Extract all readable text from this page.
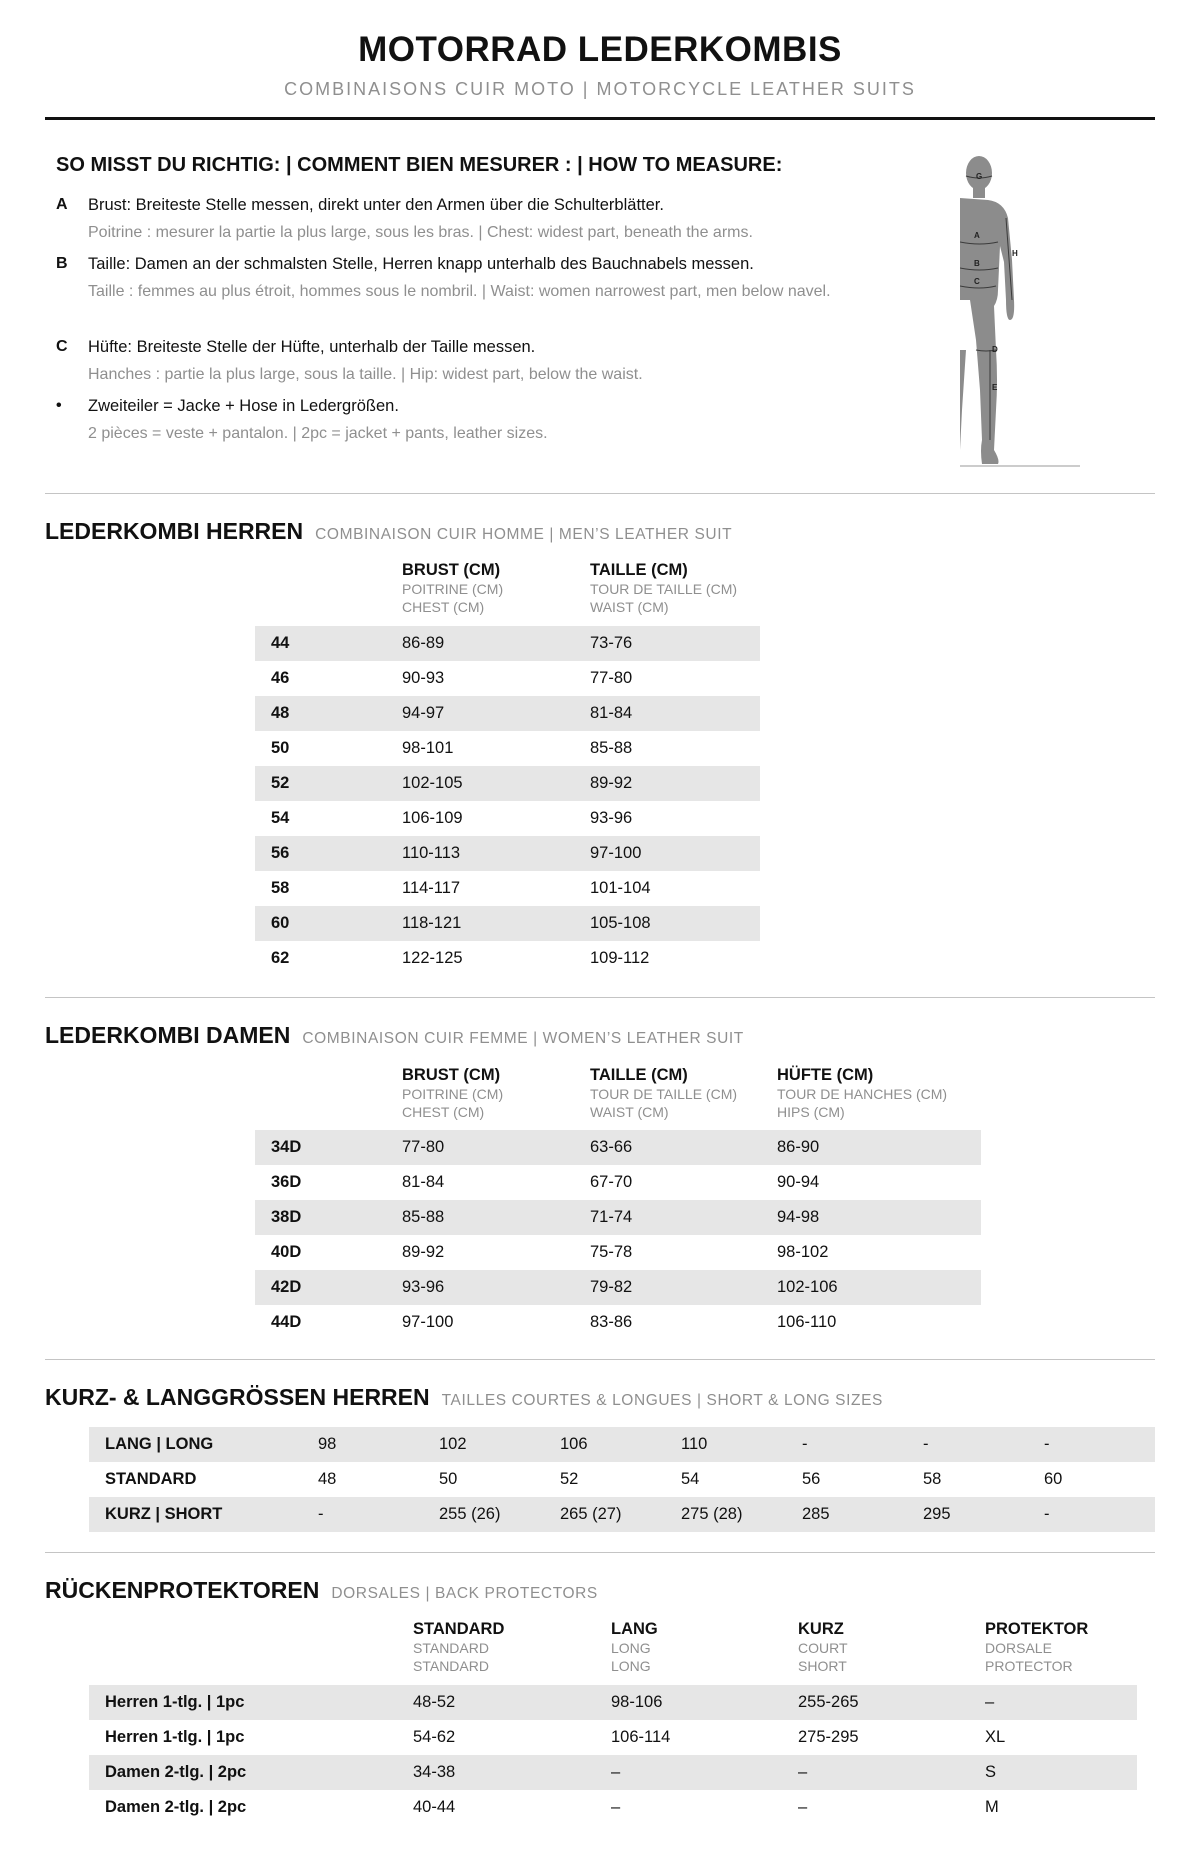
MOTORRAD LEDERKOMBIS
COMBINAISONS CUIR MOTO | MOTORCYCLE LEATHER SUITS
SO MISST DU RICHTIG: | COMMENT BIEN MESURER : | HOW TO MEASURE:
A Brust: Breiteste Stelle messen, direkt unter den Armen über die Schulterblätter.
Poitrine : mesurer la partie la plus large, sous les bras. | Chest: widest part, beneath the arms.
B Taille: Damen an der schmalsten Stelle, Herren knapp unterhalb des Bauchnabels messen.
Taille : femmes au plus étroit, hommes sous le nombril. | Waist: women narrowest part, men below navel.
C Hüfte: Breiteste Stelle der Hüfte, unterhalb der Taille messen.
Hanches : partie la plus large, sous la taille. | Hip: widest part, below the waist.
• Zweiteiler = Jacke + Hose in Ledergrößen.
2 pièces = veste + pantalon. | 2pc = jacket + pants, leather sizes.
G
A
H
B
C
D
E
LEDERKOMBI HERREN COMBINAISON CUIR HOMME | MEN’S LEATHER SUIT
BRUST (CM)
POITRINE (CM)
CHEST (CM)
TAILLE (CM)
TOUR DE TAILLE (CM)
WAIST (CM)
44	86-89	73-76
46	90-93	77-80
48	94-97	81-84
50	98-101	85-88
52	102-105	89-92
54	106-109	93-96
56	110-113	97-100
58	114-117	101-104
60	118-121	105-108
62	122-125	109-112
LEDERKOMBI DAMEN COMBINAISON CUIR FEMME | WOMEN’S LEATHER SUIT
BRUST (CM)
POITRINE (CM)
CHEST (CM)
TAILLE (CM)
TOUR DE TAILLE (CM)
WAIST (CM)
HÜFTE (CM)
TOUR DE HANCHES (CM)
HIPS (CM)
34D	77-80	63-66	86-90
36D	81-84	67-70	90-94
38D	85-88	71-74	94-98
40D	89-92	75-78	98-102
42D	93-96	79-82	102-106
44D	97-100	83-86	106-110
KURZ- & LANGGRÖSSEN HERREN TAILLES COURTES & LONGUES | SHORT & LONG SIZES
LANG | LONG	98	102	106	110	-	-	-
STANDARD	48	50	52	54	56	58	60
KURZ | SHORT	-	255 (26)	265 (27)	275 (28)	285	295	-
RÜCKENPROTEKTOREN DORSALES | BACK PROTECTORS
STANDARD
STANDARD
STANDARD
LANG
LONG
LONG
KURZ
COURT
SHORT
PROTEKTOR
DORSALE
PROTECTOR
Herren 1-tlg. | 1pc	48-52	98-106	255-265	–
Herren 1-tlg. | 1pc	54-62	106-114	275-295	XL
Damen 2-tlg. | 2pc	34-38	–	–	S
Damen 2-tlg. | 2pc	40-44	–	–	M
